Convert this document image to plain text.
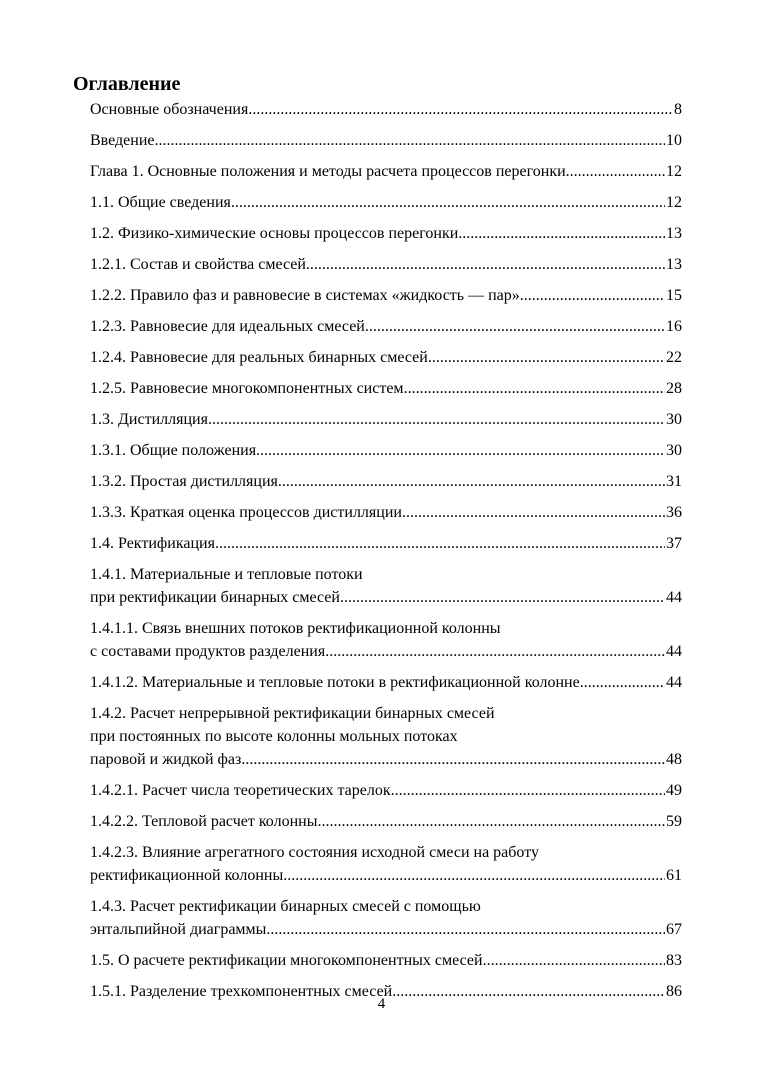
Оглавление
Основные обозначения . . .	8
Введение . . .	10
Глава 1. Основные положения и методы расчета процессов перегонки . . .	12
1.1. Общие сведения . . .	12
1.2. Физико-химические основы процессов перегонки . . .	13
1.2.1. Состав и свойства смесей . . .	13
1.2.2. Правило фаз и равновесие в системах «жидкость — пар» . . .	15
1.2.3. Равновесие для идеальных смесей . . .	16
1.2.4. Равновесие для реальных бинарных смесей . . .	22
1.2.5. Равновесие многокомпонентных систем . . .	28
1.3. Дистилляция . . .	30
1.3.1. Общие положения . . .	30
1.3.2. Простая дистилляция . . .	31
1.3.3. Краткая оценка процессов дистилляции . . .	36
1.4. Ректификация . . .	37
1.4.1. Материальные и тепловые потоки
при ректификации бинарных смесей . . .	44
1.4.1.1. Связь внешних потоков ректификационной колонны
с составами продуктов разделения . . .	44
1.4.1.2. Материальные и тепловые потоки в ректификационной колонне . . .	44
1.4.2. Расчет непрерывной ректификации бинарных смесей
при постоянных по высоте колонны мольных потоках
паровой и жидкой фаз . . .	48
1.4.2.1. Расчет числа теоретических тарелок . . .	49
1.4.2.2. Тепловой расчет колонны . . .	59
1.4.2.3. Влияние агрегатного состояния исходной смеси на работу
ректификационной колонны . . .	61
1.4.3. Расчет ректификации бинарных смесей с помощью
энтальпийной диаграммы . . .	67
1.5. О расчете ректификации многокомпонентных смесей . . .	83
1.5.1. Разделение трехкомпонентных смесей . . .	86
4
